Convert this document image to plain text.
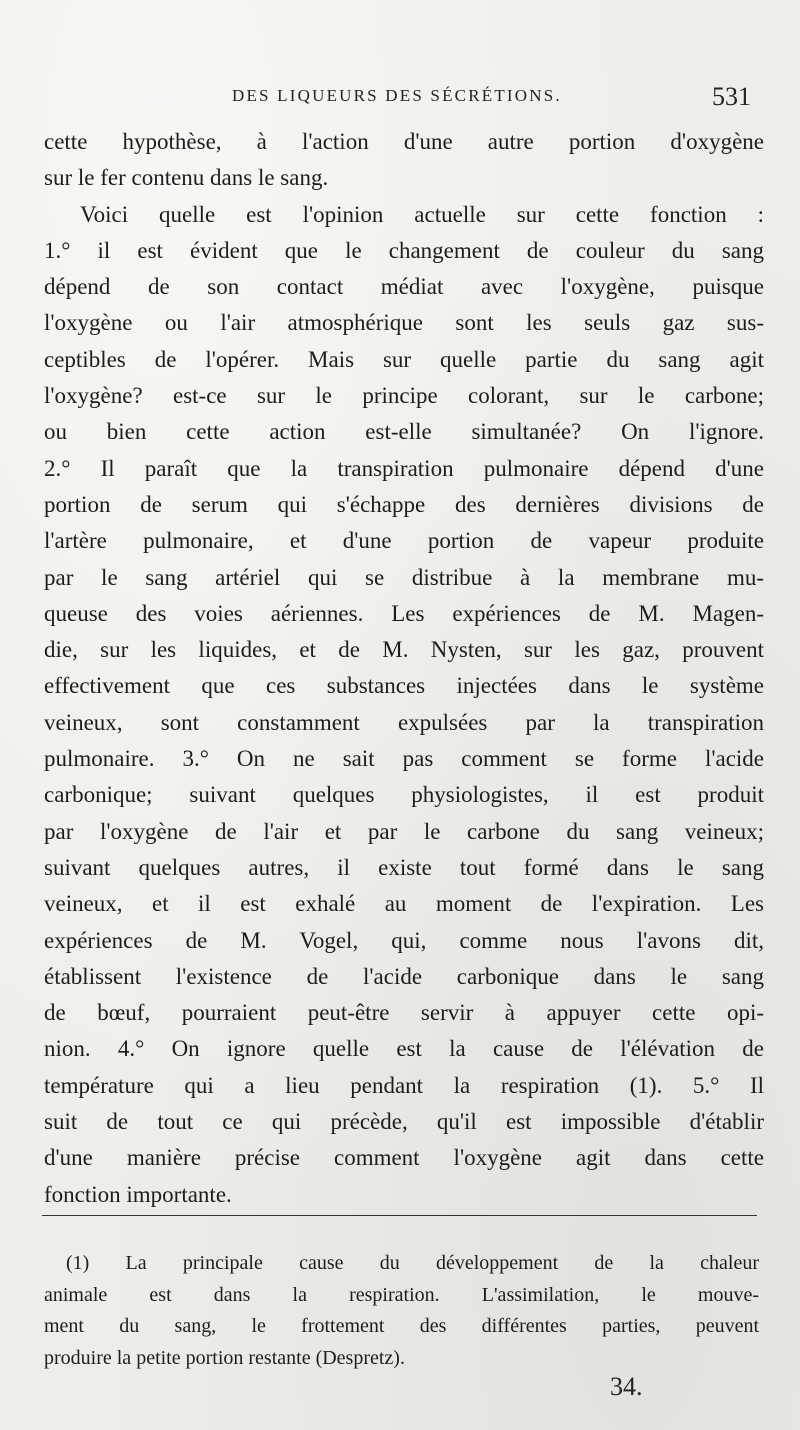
DES LIQUEURS DES SÉCRÉTIONS.	531
cette hypothèse, à l'action d'une autre portion d'oxygène
sur le fer contenu dans le sang.
Voici quelle est l'opinion actuelle sur cette fonction :
1.° il est évident que le changement de couleur du sang
dépend de son contact médiat avec l'oxygène, puisque
l'oxygène ou l'air atmosphérique sont les seuls gaz sus-
ceptibles de l'opérer. Mais sur quelle partie du sang agit
l'oxygène? est-ce sur le principe colorant, sur le carbone;
ou bien cette action est-elle simultanée? On l'ignore.
2.° Il paraît que la transpiration pulmonaire dépend d'une
portion de serum qui s'échappe des dernières divisions de
l'artère pulmonaire, et d'une portion de vapeur produite
par le sang artériel qui se distribue à la membrane mu-
queuse des voies aériennes. Les expériences de M. Magen-
die, sur les liquides, et de M. Nysten, sur les gaz, prouvent
effectivement que ces substances injectées dans le système
veineux, sont constamment expulsées par la transpiration
pulmonaire. 3.° On ne sait pas comment se forme l'acide
carbonique; suivant quelques physiologistes, il est produit
par l'oxygène de l'air et par le carbone du sang veineux;
suivant quelques autres, il existe tout formé dans le sang
veineux, et il est exhalé au moment de l'expiration. Les
expériences de M. Vogel, qui, comme nous l'avons dit,
établissent l'existence de l'acide carbonique dans le sang
de bœuf, pourraient peut-être servir à appuyer cette opi-
nion. 4.° On ignore quelle est la cause de l'élévation de
température qui a lieu pendant la respiration (1). 5.° Il
suit de tout ce qui précède, qu'il est impossible d'établir
d'une manière précise comment l'oxygène agit dans cette
fonction importante.
(1) La principale cause du développement de la chaleur
animale est dans la respiration. L'assimilation, le mouve-
ment du sang, le frottement des différentes parties, peuvent
produire la petite portion restante (Despretz).
34.
